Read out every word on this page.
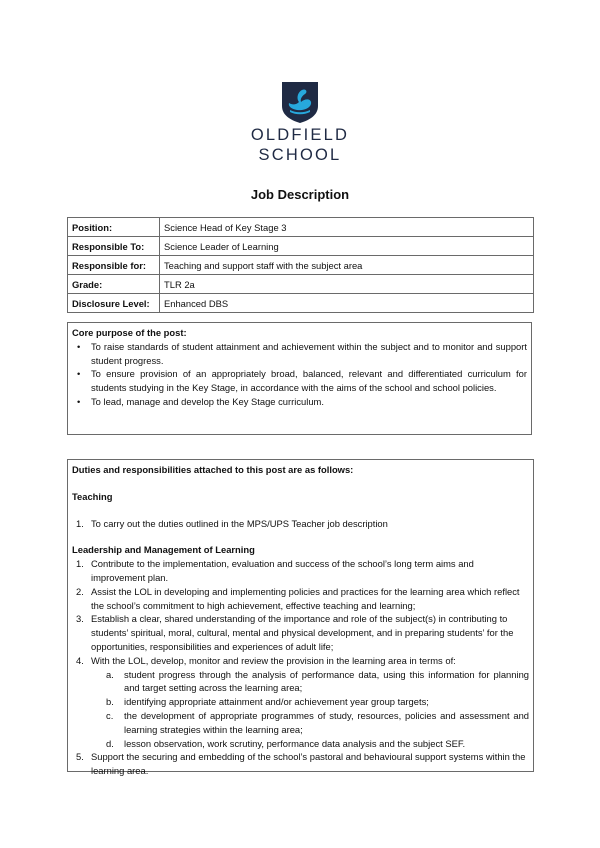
OLDFIELD
SCHOOL
Job Description
Position:	Science Head of Key Stage 3
Responsible To:	Science Leader of Learning
Responsible for:	Teaching and support staff with the subject area
Grade:	TLR 2a
Disclosure Level:	Enhanced DBS
Core purpose of the post:
• To raise standards of student attainment and achievement within the subject and to monitor and support student progress.
• To ensure provision of an appropriately broad, balanced, relevant and differentiated curriculum for students studying in the Key Stage, in accordance with the aims of the school and school policies.
• To lead, manage and develop the Key Stage curriculum.
Duties and responsibilities attached to this post are as follows:
Teaching
1. To carry out the duties outlined in the MPS/UPS Teacher job description
Leadership and Management of Learning
1. Contribute to the implementation, evaluation and success of the school’s long term aims and improvement plan.
2. Assist the LOL in developing and implementing policies and practices for the learning area which reflect the school’s commitment to high achievement, effective teaching and learning;
3. Establish a clear, shared understanding of the importance and role of the subject(s) in contributing to students’ spiritual, moral, cultural, mental and physical development, and in preparing students’ for the opportunities, responsibilities and experiences of adult life;
4. With the LOL, develop, monitor and review the provision in the learning area in terms of:
a. student progress through the analysis of performance data, using this information for planning and target setting across the learning area;
b. identifying appropriate attainment and/or achievement year group targets;
c. the development of appropriate programmes of study, resources, policies and assessment and learning strategies within the learning area;
d. lesson observation, work scrutiny, performance data analysis and the subject SEF.
5. Support the securing and embedding of the school’s pastoral and behavioural support systems within the learning area.
